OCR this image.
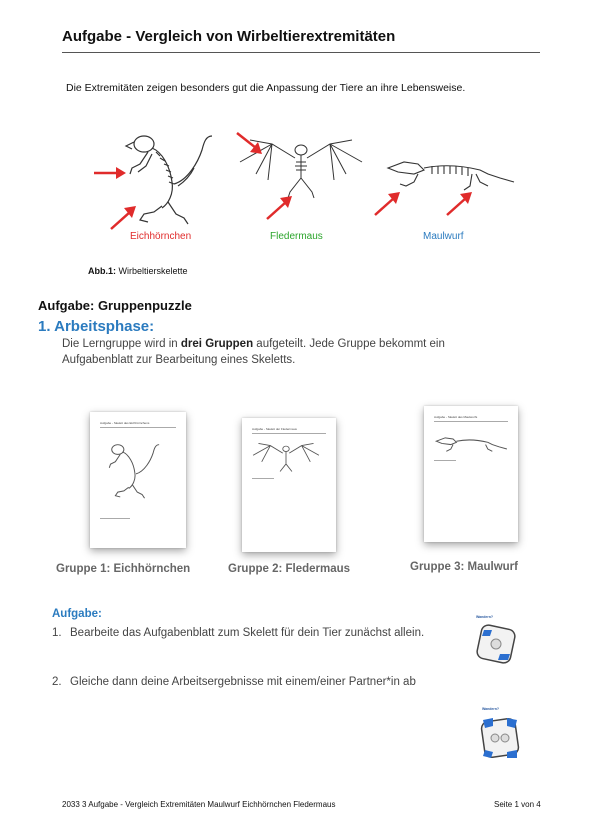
Aufgabe - Vergleich von Wirbeltierextremitäten
Die Extremitäten zeigen besonders gut die Anpassung der Tiere an ihre Lebensweise.
Eichhörnchen	Fledermaus	Maulwurf
Abb.1: Wirbeltierskelette
Aufgabe: Gruppenpuzzle
1. Arbeitsphase:
Die Lerngruppe wird in drei Gruppen aufgeteilt. Jede Gruppe bekommt ein Aufgabenblatt zur Bearbeitung eines Skeletts.
Aufgabe - Skelett des Eichhörnchens
Aufgabe - Skelett der Fledermaus
Aufgabe - Skelett des Maulwurfs
Gruppe 1: Eichhörnchen	Gruppe 2: Fledermaus	Gruppe 3: Maulwurf
Aufgabe:
1. Bearbeite das Aufgabenblatt zum Skelett für dein Tier zunächst allein.
2. Gleiche dann deine Arbeitsergebnisse mit einem/einer Partner*in ab
Wandern?
Wandern?
2033 3 Aufgabe - Vergleich Extremitäten Maulwurf Eichhörnchen Fledermaus	Seite 1 von 4
